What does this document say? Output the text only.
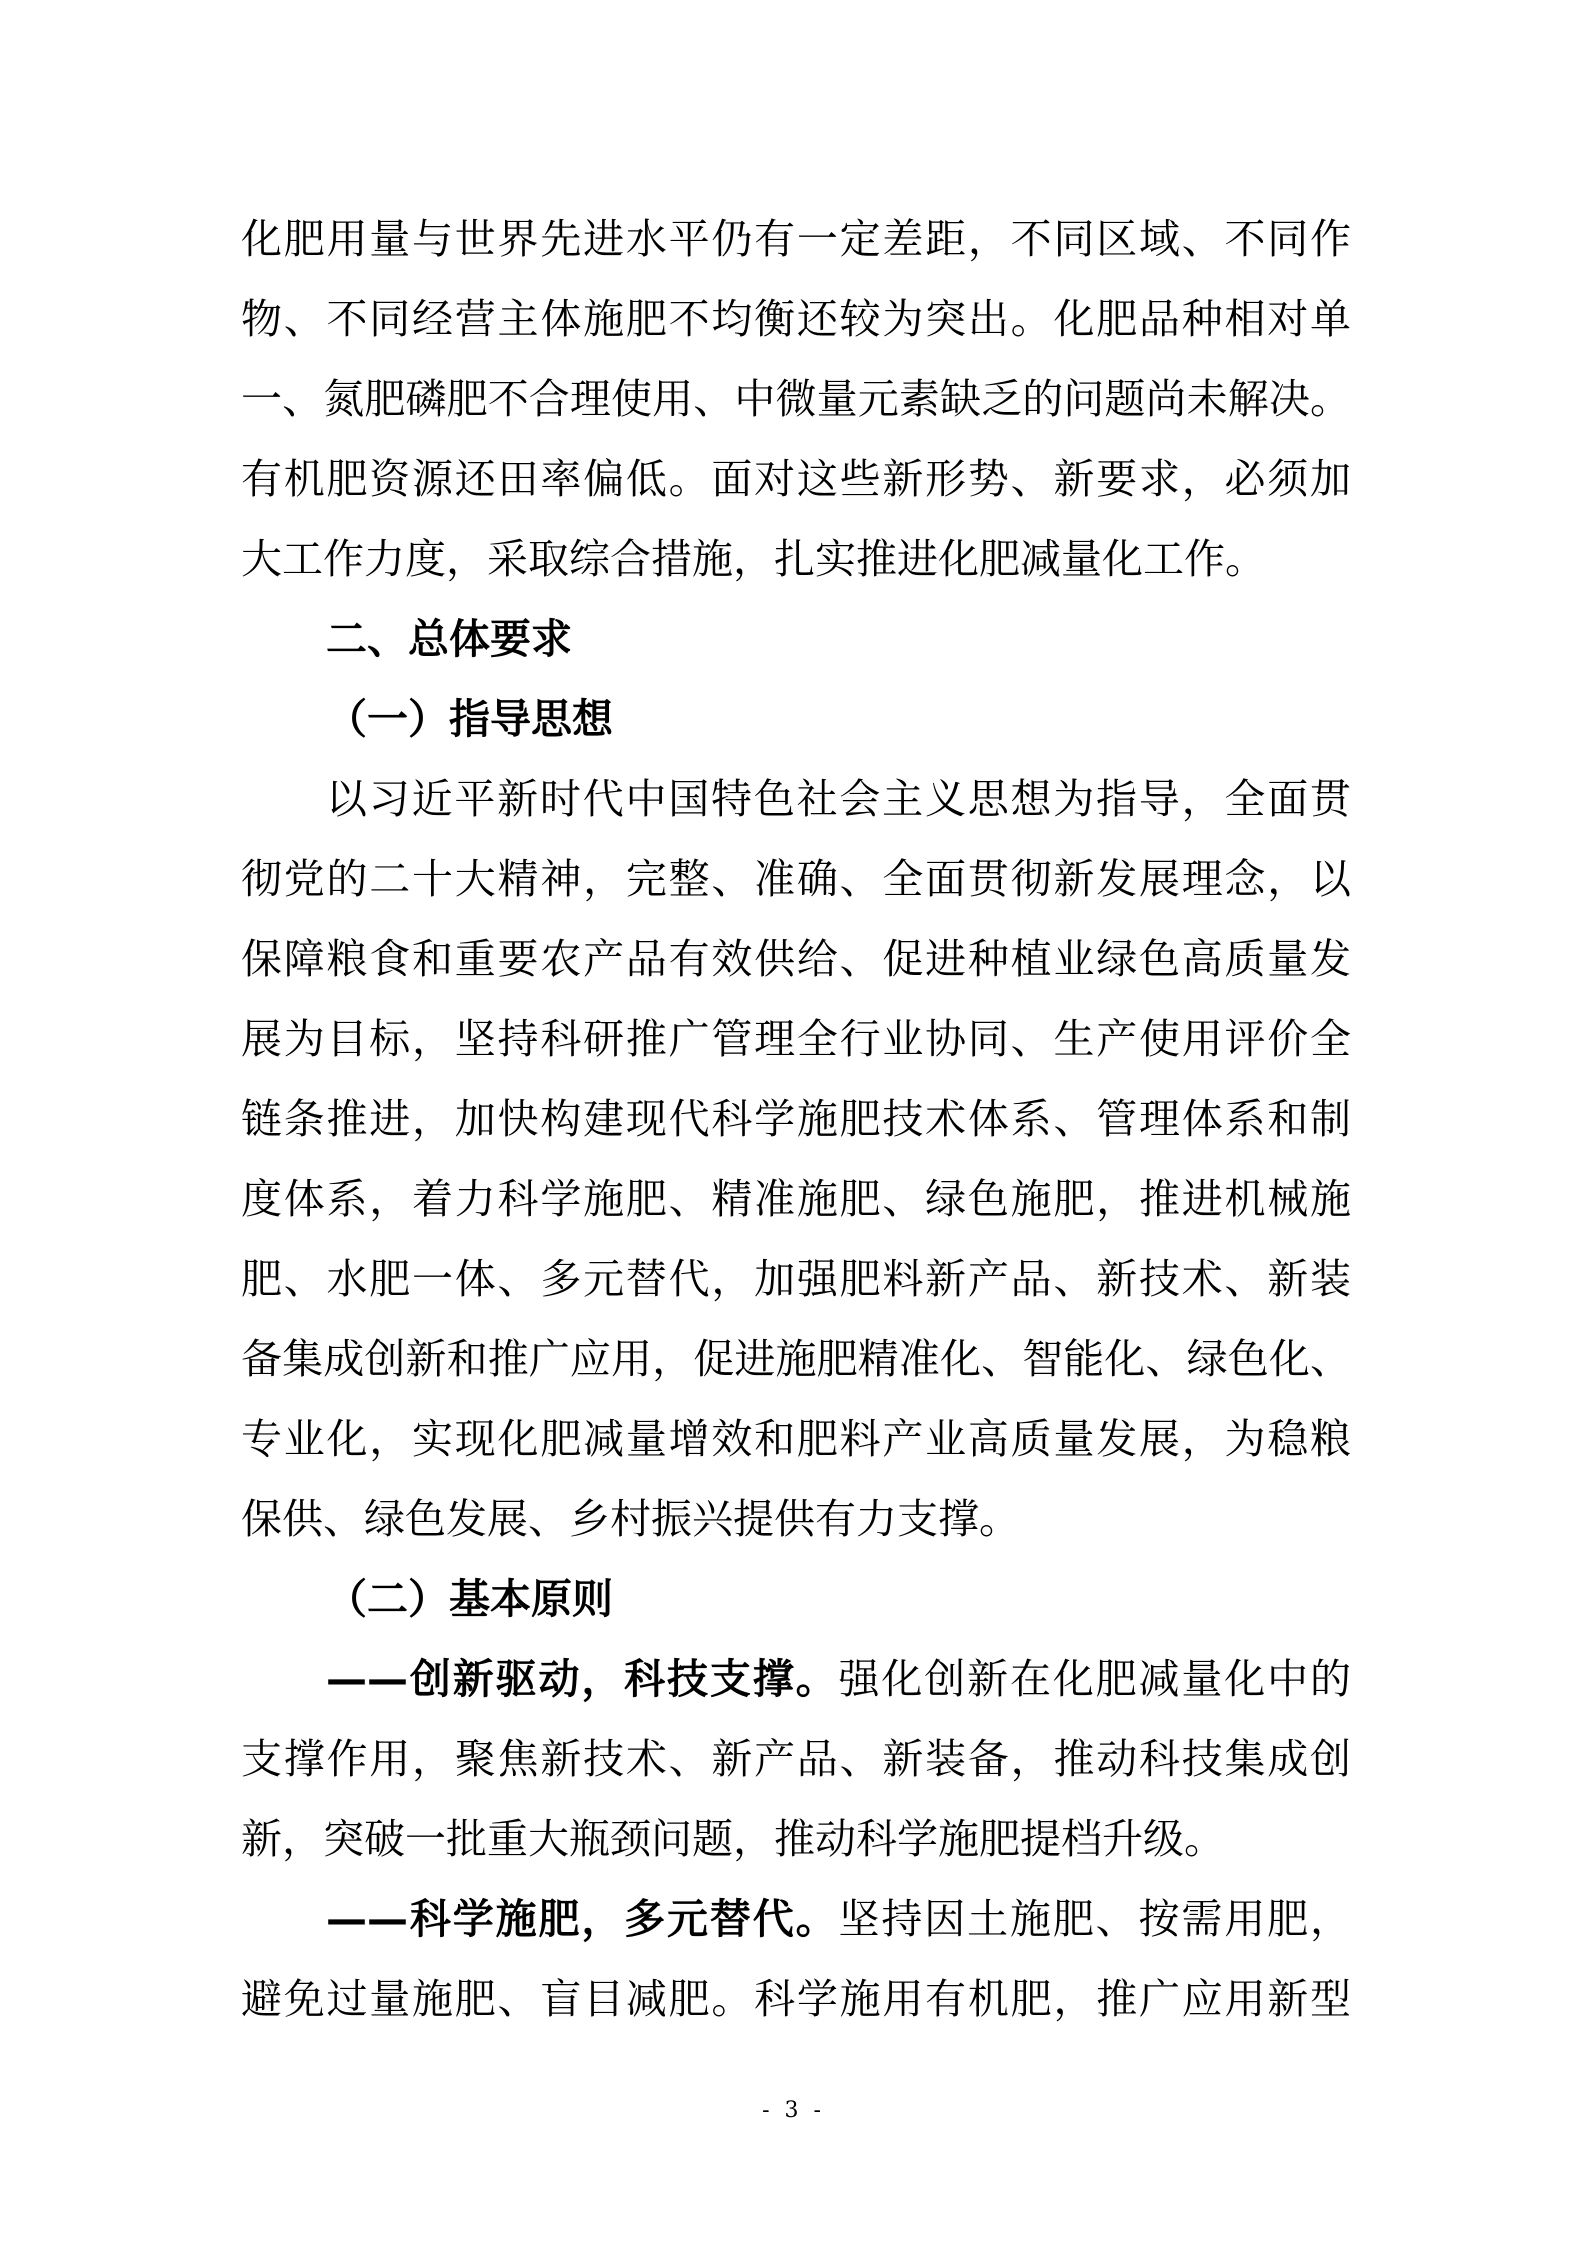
化肥用量与世界先进水平仍有一定差距，不同区域、不同作
物、不同经营主体施肥不均衡还较为突出。化肥品种相对单
一、氮肥磷肥不合理使用、中微量元素缺乏的问题尚未解决。
有机肥资源还田率偏低。面对这些新形势、新要求，必须加
大工作力度，采取综合措施，扎实推进化肥减量化工作。
二、总体要求
（一）指导思想
以习近平新时代中国特色社会主义思想为指导，全面贯
彻党的二十大精神，完整、准确、全面贯彻新发展理念，以
保障粮食和重要农产品有效供给、促进种植业绿色高质量发
展为目标，坚持科研推广管理全行业协同、生产使用评价全
链条推进，加快构建现代科学施肥技术体系、管理体系和制
度体系，着力科学施肥、精准施肥、绿色施肥，推进机械施
肥、水肥一体、多元替代，加强肥料新产品、新技术、新装
备集成创新和推广应用，促进施肥精准化、智能化、绿色化、
专业化，实现化肥减量增效和肥料产业高质量发展，为稳粮
保供、绿色发展、乡村振兴提供有力支撑。
（二）基本原则
——创新驱动，科技支撑。强化创新在化肥减量化中的
支撑作用，聚焦新技术、新产品、新装备，推动科技集成创
新，突破一批重大瓶颈问题，推动科学施肥提档升级。
——科学施肥，多元替代。坚持因土施肥、按需用肥，
避免过量施肥、盲目减肥。科学施用有机肥，推广应用新型
- 3 -
